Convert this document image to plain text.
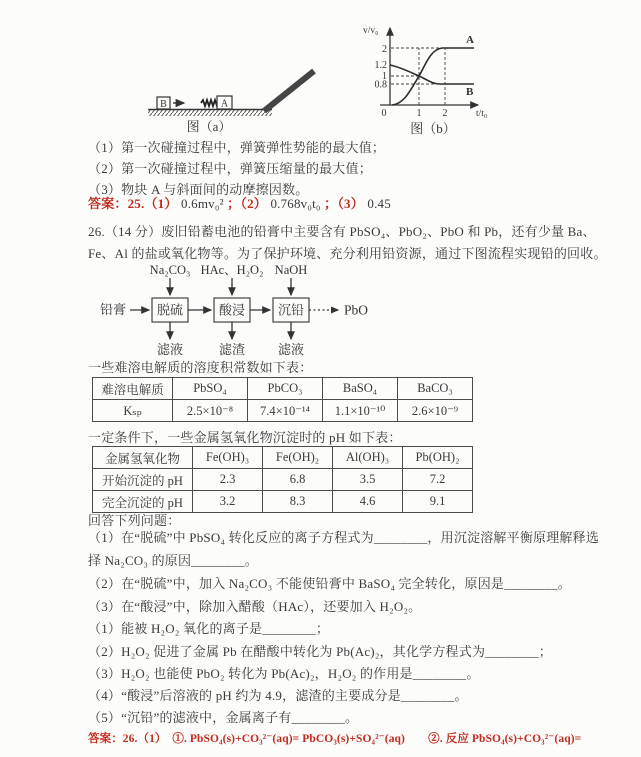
B	A
图（a）
A
B
v/v₀
t/t₀
2
1.2
1
0.8
0	1 2
图（b）
（1）第一次碰撞过程中，弹簧弹性势能的最大值；
（2）第一次碰撞过程中，弹簧压缩量的最大值；
（3）物块 A 与斜面间的动摩擦因数。
答案：25.（1） 0.6mv₀² ；（2） 0.768v₀t₀ ；（3） 0.45
26.（14 分）废旧铅蓄电池的铅膏中主要含有 PbSO₄、PbO₂、PbO 和 Pb，还有少量 Ba、
Fe、Al 的盐或氧化物等。为了保护环境、充分利用铅资源，通过下图流程实现铅的回收。
Na₂CO₃ HAc、H₂O₂ NaOH
铅膏 脱硫	酸浸	沉铅	PbO
滤液	滤渣	滤液
一些难溶电解质的溶度积常数如下表：
难溶电解质	PbSO₄	PbCO₃	BaSO₄	BaCO₃
Kₛₚ	2.5×10⁻⁸	7.4×10⁻¹⁴	1.1×10⁻¹⁰	2.6×10⁻⁹
一定条件下，一些金属氢氧化物沉淀时的 pH 如下表：
金属氢氧化物	Fe(OH)₃	Fe(OH)₂	Al(OH)₃	Pb(OH)₂
开始沉淀的 pH	2.3	6.8	3.5	7.2
完全沉淀的 pH	3.2	8.3	4.6	9.1
回答下列问题：
（1）在“脱硫”中 PbSO₄ 转化反应的离子方程式为________，用沉淀溶解平衡原理解释选
择 Na₂CO₃ 的原因________。
（2）在“脱硫”中，加入 Na₂CO₃ 不能使铅膏中 BaSO₄ 完全转化，原因是________。
（3）在“酸浸”中，除加入醋酸（HAc），还要加入 H₂O₂。
（1）能被 H₂O₂ 氧化的离子是________；
（2）H₂O₂ 促进了金属 Pb 在醋酸中转化为 Pb(Ac)₂，其化学方程式为________；
（3）H₂O₂ 也能使 PbO₂ 转化为 Pb(Ac)₂，H₂O₂ 的作用是________。
（4）“酸浸”后溶液的 pH 约为 4.9，滤渣的主要成分是________。
（5）“沉铅”的滤液中，金属离子有________。
答案：26.（1）　①. PbSO₄(s)+CO₃²⁻(aq)= PbCO₃(s)+SO₄²⁻(aq)　　②. 反应 PbSO₄(s)+CO₃²⁻(aq)=
